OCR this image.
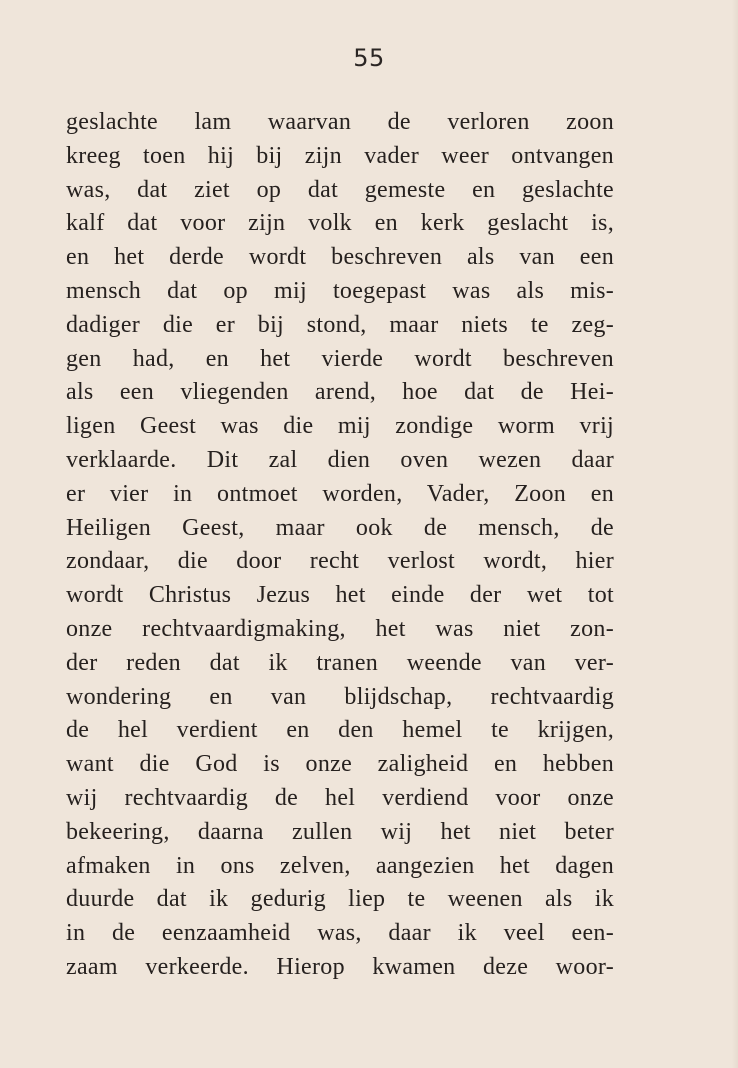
55
geslachte lam waarvan de verloren zoon
kreeg toen hij bij zijn vader weer ontvangen
was, dat ziet op dat gemeste en geslachte
kalf dat voor zijn volk en kerk geslacht is,
en het derde wordt beschreven als van een
mensch dat op mij toegepast was als mis-
dadiger die er bij stond, maar niets te zeg-
gen had, en het vierde wordt beschreven
als een vliegenden arend, hoe dat de Hei-
ligen Geest was die mij zondige worm vrij
verklaarde. Dit zal dien oven wezen daar
er vier in ontmoet worden, Vader, Zoon en
Heiligen Geest, maar ook de mensch, de
zondaar, die door recht verlost wordt, hier
wordt Christus Jezus het einde der wet tot
onze rechtvaardigmaking, het was niet zon-
der reden dat ik tranen weende van ver-
wondering en van blijdschap, rechtvaardig
de hel verdient en den hemel te krijgen,
want die God is onze zaligheid en hebben
wij rechtvaardig de hel verdiend voor onze
bekeering, daarna zullen wij het niet beter
afmaken in ons zelven, aangezien het dagen
duurde dat ik gedurig liep te weenen als ik
in de eenzaamheid was, daar ik veel een-
zaam verkeerde. Hierop kwamen deze woor-
